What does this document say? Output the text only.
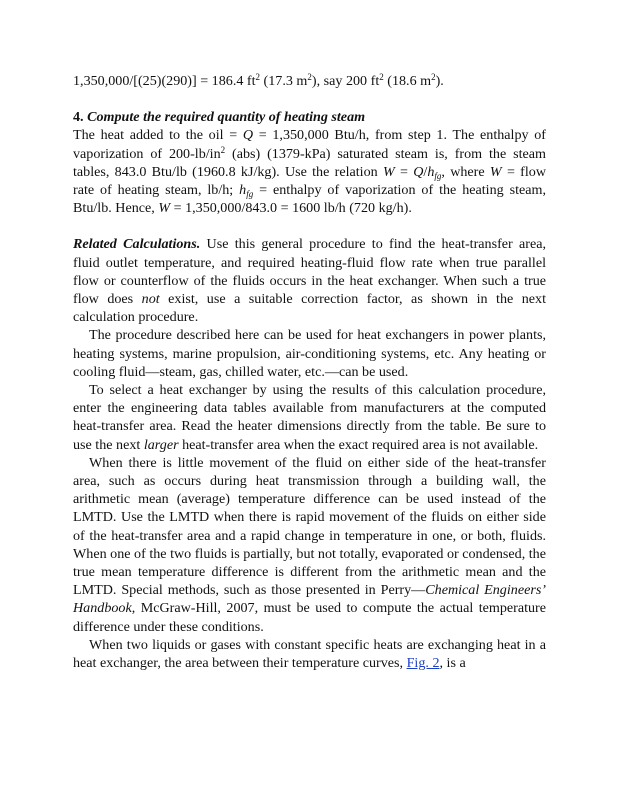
1,350,000/[(25)(290)] = 186.4 $ft^2$ (17.3 $m^2$), say 200 $ft^2$ (18.6 $m^2$).

4. Compute the required quantity of heating steam

The heat added to the oil = Q = 1,350,000 Btu/h, from step 1. The enthalpy of vaporization of $200-lb/in^2$ (abs) (1379-kPa) saturated steam is, from the steam tables, 843.0 Btu/lb (1960.8 kJ/kg). Use the relation $W = Q/h_{fg}$, where W = flow rate of heating steam, lb/h; $h_{fg}$ = enthalpy of vaporization of the heating steam, Btu/lb. Hence, W = 1,350,000/843.0 = 1600 lb/h (720 kg/h).

Related Calculations. Use this general procedure to find the heat-transfer area, fluid outlet temperature, and required heating-fluid flow rate when true parallel flow or counterflow of the fluids occurs in the heat exchanger. When such a true flow does not exist, use a suitable correction factor, as shown in the next calculation procedure.

The procedure described here can be used for heat exchangers in power plants, heating systems, marine propulsion, air-conditioning systems, etc. Any heating or cooling fluid—steam, gas, chilled water, etc.—can be used.

To select a heat exchanger by using the results of this calculation procedure, enter the engineering data tables available from manufacturers at the computed heat-transfer area. Read the heater dimensions directly from the table. Be sure to use the next larger heat-transfer area when the exact required area is not available.

When there is little movement of the fluid on either side of the heat-transfer area, such as occurs during heat transmission through a building wall, the arithmetic mean (average) temperature difference can be used instead of the LMTD. Use the LMTD when there is rapid movement of the fluids on either side of the heat-transfer area and a rapid change in temperature in one, or both, fluids. When one of the two fluids is partially, but not totally, evaporated or condensed, the true mean temperature difference is different from the arithmetic mean and the LMTD. Special methods, such as those presented in Perry—Chemical Engineers’ Handbook, McGraw-Hill, 2007, must be used to compute the actual temperature difference under these conditions.

When two liquids or gases with constant specific heats are exchanging heat in a heat exchanger, the area between their temperature curves, Fig. 2, is a
